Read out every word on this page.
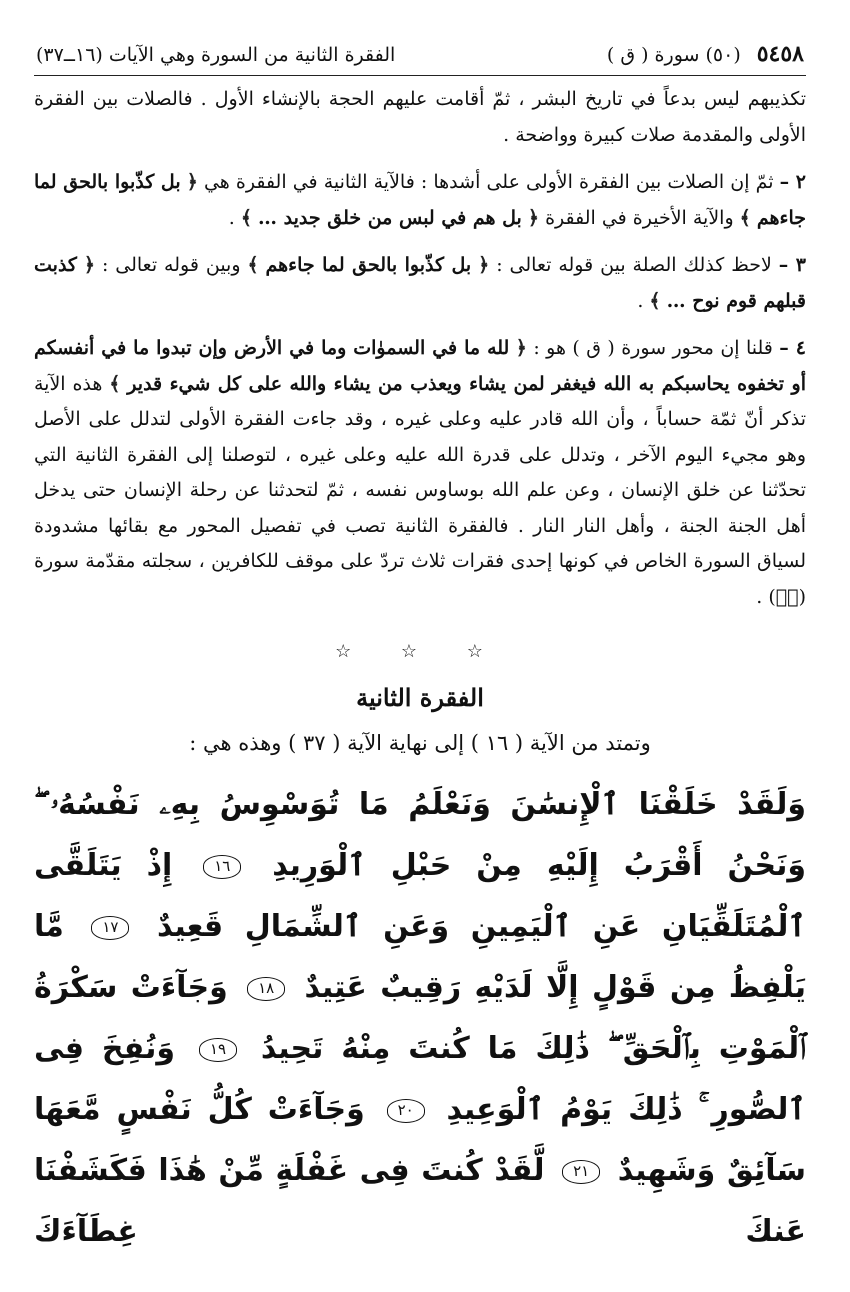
٥٤٥٨
(٥٠) سورة ( ق )
الفقرة الثانية من السورة وهي الآيات (١٦ــ٣٧)

تكذيبهم ليس بدعاً في تاريخ البشر ، ثمّ أقامت عليهم الحجة بالإنشاء الأول . فالصلات بين الفقرة الأولى والمقدمة صلات كبيرة وواضحة .

٢ – ثمّ إن الصلات بين الفقرة الأولى على أشدها : فالآية الثانية في الفقرة هي ﴿ بل كذّبوا بالحق لما جاءهم ﴾ والآية الأخيرة في الفقرة ﴿ بل هم في لبس من خلق جديد … ﴾ .

٣ – لاحظ كذلك الصلة بين قوله تعالى : ﴿ بل كذّبوا بالحق لما جاءهم ﴾ وبين قوله تعالى : ﴿ كذبت قبلهم قوم نوح … ﴾ .

٤ – قلنا إن محور سورة ( ق ) هو : ﴿ لله ما في السموٰات وما في الأرض وإن تبدوا ما في أنفسكم أو تخفوه يحاسبكم به الله فيغفر لمن يشاء ويعذب من يشاء والله على كل شيء قدير ﴾ هذه الآية تذكر أنّ ثمّة حساباً ، وأن الله قادر عليه وعلى غيره ، وقد جاءت الفقرة الأولى لتدلل على الأصل وهو مجيء اليوم الآخر ، وتدلل على قدرة الله عليه وعلى غيره ، لتوصلنا إلى الفقرة الثانية التي تحدّثنا عن خلق الإنسان ، وعن علم الله بوساوس نفسه ، ثمّ لتحدثنا عن رحلة الإنسان حتى يدخل أهل الجنة الجنة ، وأهل النار النار . فالفقرة الثانية تصب في تفصيل المحور مع بقائها مشدودة لسياق السورة الخاص في كونها إحدى فقرات ثلاث تردّ على موقف للكافرين ، سجلته مقدّمة سورة (قۤ) .

☆ ☆ ☆
الفقرة الثانية
وتمتد من الآية ( ١٦ ) إلى نهاية الآية ( ٣٧ ) وهذه هي :
وَلَقَدْ خَلَقْنَا ٱلْإِنسَٰنَ وَنَعْلَمُ مَا تُوَسْوِسُ بِهِۦ نَفْسُهُۥ ۖ وَنَحْنُ أَقْرَبُ إِلَيْهِ مِنْ حَبْلِ ٱلْوَرِيدِ ١٦ إِذْ يَتَلَقَّى ٱلْمُتَلَقِّيَانِ عَنِ ٱلْيَمِينِ وَعَنِ ٱلشِّمَالِ قَعِيدٌ ١٧ مَّا يَلْفِظُ مِن قَوْلٍ إِلَّا لَدَيْهِ رَقِيبٌ عَتِيدٌ ١٨ وَجَآءَتْ سَكْرَةُ ٱلْمَوْتِ بِٱلْحَقِّ ۖ ذَٰلِكَ مَا كُنتَ مِنْهُ تَحِيدُ ١٩ وَنُفِخَ فِى ٱلصُّورِ ۚ ذَٰلِكَ يَوْمُ ٱلْوَعِيدِ ٢٠ وَجَآءَتْ كُلُّ نَفْسٍ مَّعَهَا سَآئِقٌ وَشَهِيدٌ ٢١ لَّقَدْ كُنتَ فِى غَفْلَةٍ مِّنْ هَٰذَا فَكَشَفْنَا عَنكَ غِطَآءَكَ
